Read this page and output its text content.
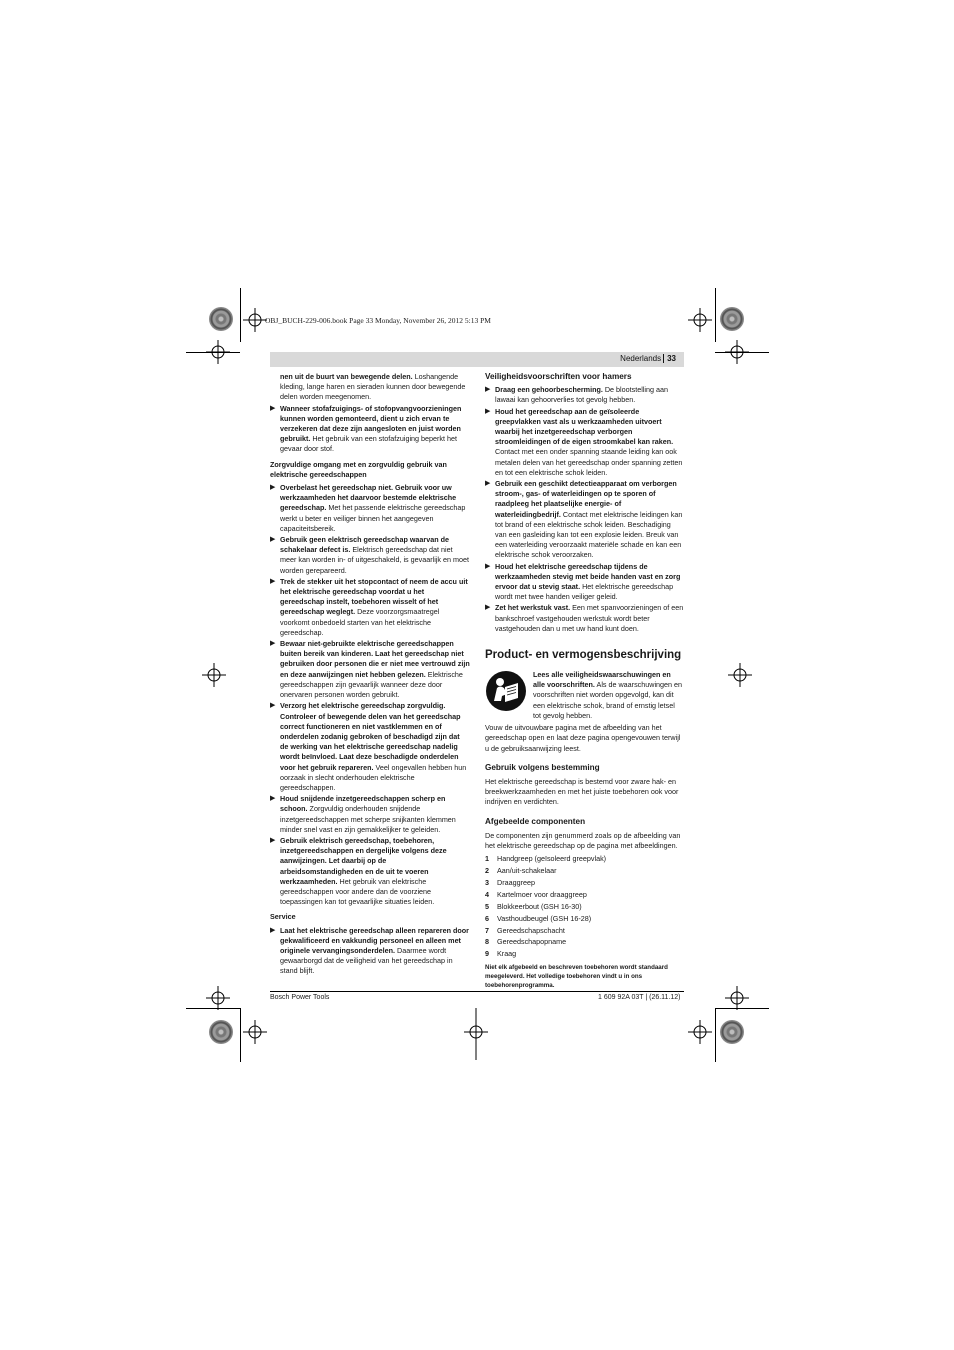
OBJ_BUCH-229-006.book Page 33 Monday, November 26, 2012 5:13 PM
Nederlands 33
nen uit de buurt van bewegende delen. Loshangende kleding, lange haren en sieraden kunnen door bewegende delen worden meegenomen.
▶ Wanneer stofafzuigings- of stofopvangvoorzieningen kunnen worden gemonteerd, dient u zich ervan te verzekeren dat deze zijn aangesloten en juist worden gebruikt. Het gebruik van een stofafzuiging beperkt het gevaar door stof.
Zorgvuldige omgang met en zorgvuldig gebruik van elektrische gereedschappen
▶ Overbelast het gereedschap niet. Gebruik voor uw werkzaamheden het daarvoor bestemde elektrische gereedschap. Met het passende elektrische gereedschap werkt u beter en veiliger binnen het aangegeven capaciteitsbereik.
▶ Gebruik geen elektrisch gereedschap waarvan de schakelaar defect is. Elektrisch gereedschap dat niet meer kan worden in- of uitgeschakeld, is gevaarlijk en moet worden gerepareerd.
▶ Trek de stekker uit het stopcontact of neem de accu uit het elektrische gereedschap voordat u het gereedschap instelt, toebehoren wisselt of het gereedschap weglegt. Deze voorzorgsmaatregel voorkomt onbedoeld starten van het elektrische gereedschap.
▶ Bewaar niet-gebruikte elektrische gereedschappen buiten bereik van kinderen. Laat het gereedschap niet gebruiken door personen die er niet mee vertrouwd zijn en deze aanwijzingen niet hebben gelezen. Elektrische gereedschappen zijn gevaarlijk wanneer deze door onervaren personen worden gebruikt.
▶ Verzorg het elektrische gereedschap zorgvuldig. Controleer of bewegende delen van het gereedschap correct functioneren en niet vastklemmen en of onderdelen zodanig gebroken of beschadigd zijn dat de werking van het elektrische gereedschap nadelig wordt beïnvloed. Laat deze beschadigde onderdelen voor het gebruik repareren. Veel ongevallen hebben hun oorzaak in slecht onderhouden elektrische gereedschappen.
▶ Houd snijdende inzetgereedschappen scherp en schoon. Zorgvuldig onderhouden snijdende inzetgereedschappen met scherpe snijkanten klemmen minder snel vast en zijn gemakkelijker te geleiden.
▶ Gebruik elektrisch gereedschap, toebehoren, inzetgereedschappen en dergelijke volgens deze aanwijzingen. Let daarbij op de arbeidsomstandigheden en de uit te voeren werkzaamheden. Het gebruik van elektrische gereedschappen voor andere dan de voorziene toepassingen kan tot gevaarlijke situaties leiden.
Service
▶ Laat het elektrische gereedschap alleen repareren door gekwalificeerd en vakkundig personeel en alleen met originele vervangingsonderdelen. Daarmee wordt gewaarborgd dat de veiligheid van het gereedschap in stand blijft.
Veiligheidsvoorschriften voor hamers
▶ Draag een gehoorbescherming. De blootstelling aan lawaai kan gehoorverlies tot gevolg hebben.
▶ Houd het gereedschap aan de geïsoleerde greepvlakken vast als u werkzaamheden uitvoert waarbij het inzetgereedschap verborgen stroomleidingen of de eigen stroomkabel kan raken. Contact met een onder spanning staande leiding kan ook metalen delen van het gereedschap onder spanning zetten en tot een elektrische schok leiden.
▶ Gebruik een geschikt detectieapparaat om verborgen stroom-, gas- of waterleidingen op te sporen of raadpleeg het plaatselijke energie- of waterleidingbedrijf. Contact met elektrische leidingen kan tot brand of een elektrische schok leiden. Beschadiging van een gasleiding kan tot een explosie leiden. Breuk van een waterleiding veroorzaakt materiële schade en kan een elektrische schok veroorzaken.
▶ Houd het elektrische gereedschap tijdens de werkzaamheden stevig met beide handen vast en zorg ervoor dat u stevig staat. Het elektrische gereedschap wordt met twee handen veiliger geleid.
▶ Zet het werkstuk vast. Een met spanvoorzieningen of een bankschroef vastgehouden werkstuk wordt beter vastgehouden dan u met uw hand kunt doen.
Product- en vermogensbeschrijving
Lees alle veiligheidswaarschuwingen en alle voorschriften. Als de waarschuwingen en voorschriften niet worden opgevolgd, kan dit een elektrische schok, brand of ernstig letsel tot gevolg hebben.
Vouw de uitvouwbare pagina met de afbeelding van het gereedschap open en laat deze pagina opengevouwen terwijl u de gebruiksaanwijzing leest.
Gebruik volgens bestemming
Het elektrische gereedschap is bestemd voor zware hak- en breekwerkzaamheden en met het juiste toebehoren ook voor indrijven en verdichten.
Afgebeelde componenten
De componenten zijn genummerd zoals op de afbeelding van het elektrische gereedschap op de pagina met afbeeldingen.
1	Handgreep (geïsoleerd greepvlak)
2	Aan/uit-schakelaar
3	Draaggreep
4	Kartelmoer voor draaggreep
5	Blokkeerbout (GSH 16-30)
6	Vasthoudbeugel (GSH 16-28)
7	Gereedschapschacht
8	Gereedschapopname
9	Kraag
Niet elk afgebeeld en beschreven toebehoren wordt standaard meegeleverd. Het volledige toebehoren vindt u in ons toebehorenprogramma.
Bosch Power Tools	1 609 92A 03T | (26.11.12)
